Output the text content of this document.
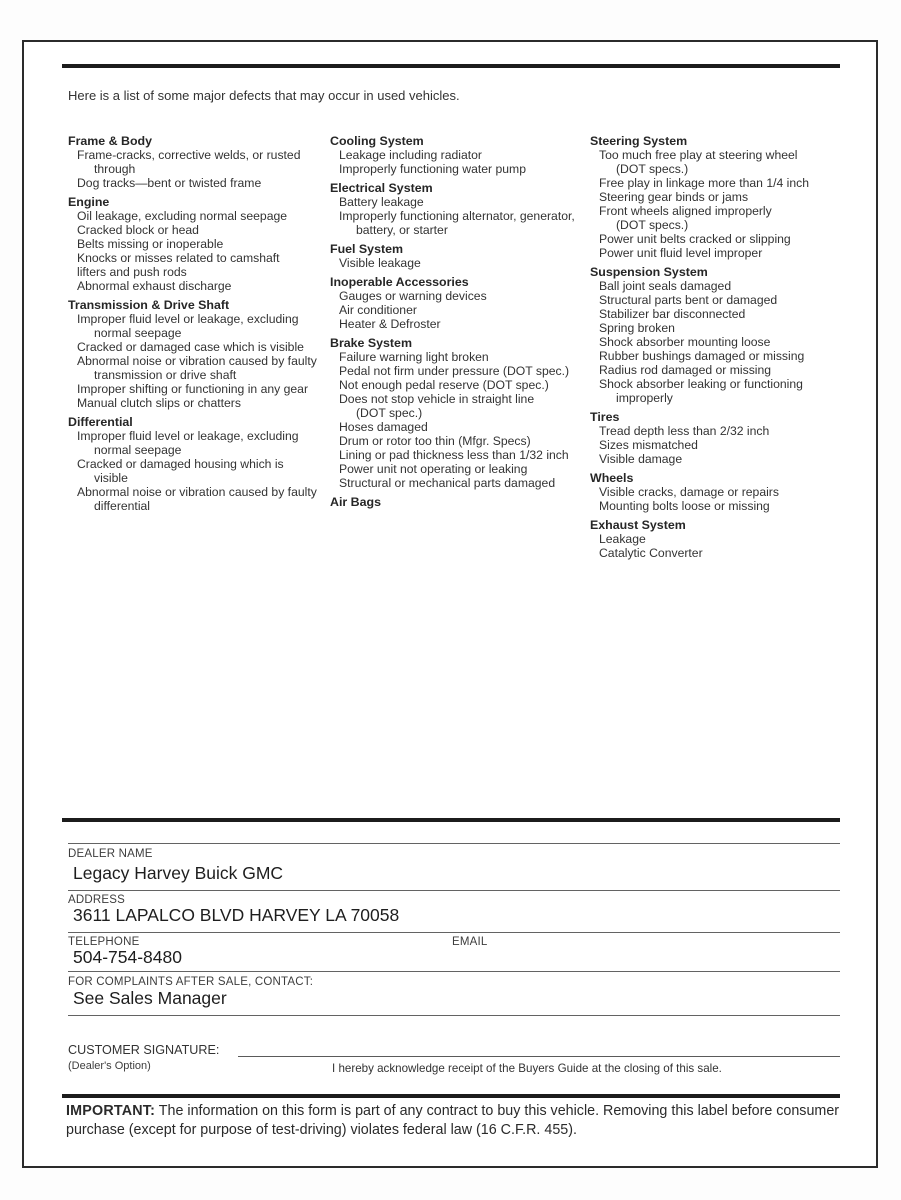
Here is a list of some major defects that may occur in used vehicles.
Frame & Body
Frame-cracks, corrective welds, or rusted
through
Dog tracks—bent or twisted frame
Engine
Oil leakage, excluding normal seepage
Cracked block or head
Belts missing or inoperable
Knocks or misses related to camshaft
lifters and push rods
Abnormal exhaust discharge
Transmission & Drive Shaft
Improper fluid level or leakage, excluding
normal seepage
Cracked or damaged case which is visible
Abnormal noise or vibration caused by faulty
transmission or drive shaft
Improper shifting or functioning in any gear
Manual clutch slips or chatters
Differential
Improper fluid level or leakage, excluding
normal seepage
Cracked or damaged housing which is
visible
Abnormal noise or vibration caused by faulty
differential
Cooling System
Leakage including radiator
Improperly functioning water pump
Electrical System
Battery leakage
Improperly functioning alternator, generator,
battery, or starter
Fuel System
Visible leakage
Inoperable Accessories
Gauges or warning devices
Air conditioner
Heater & Defroster
Brake System
Failure warning light broken
Pedal not firm under pressure (DOT spec.)
Not enough pedal reserve (DOT spec.)
Does not stop vehicle in straight line
(DOT spec.)
Hoses damaged
Drum or rotor too thin (Mfgr. Specs)
Lining or pad thickness less than 1/32 inch
Power unit not operating or leaking
Structural or mechanical parts damaged
Air Bags
Steering System
Too much free play at steering wheel
(DOT specs.)
Free play in linkage more than 1/4 inch
Steering gear binds or jams
Front wheels aligned improperly
(DOT specs.)
Power unit belts cracked or slipping
Power unit fluid level improper
Suspension System
Ball joint seals damaged
Structural parts bent or damaged
Stabilizer bar disconnected
Spring broken
Shock absorber mounting loose
Rubber bushings damaged or missing
Radius rod damaged or missing
Shock absorber leaking or functioning
improperly
Tires
Tread depth less than 2/32 inch
Sizes mismatched
Visible damage
Wheels
Visible cracks, damage or repairs
Mounting bolts loose or missing
Exhaust System
Leakage
Catalytic Converter
DEALER NAME
Legacy Harvey Buick GMC
ADDRESS
3611 LAPALCO BLVD HARVEY LA 70058
TELEPHONE	EMAIL
504-754-8480
FOR COMPLAINTS AFTER SALE, CONTACT:
See Sales Manager
CUSTOMER SIGNATURE:
(Dealer's Option)	I hereby acknowledge receipt of the Buyers Guide at the closing of this sale.
IMPORTANT: The information on this form is part of any contract to buy this vehicle. Removing this label before consumer purchase (except for purpose of test-driving) violates federal law (16 C.F.R. 455).
